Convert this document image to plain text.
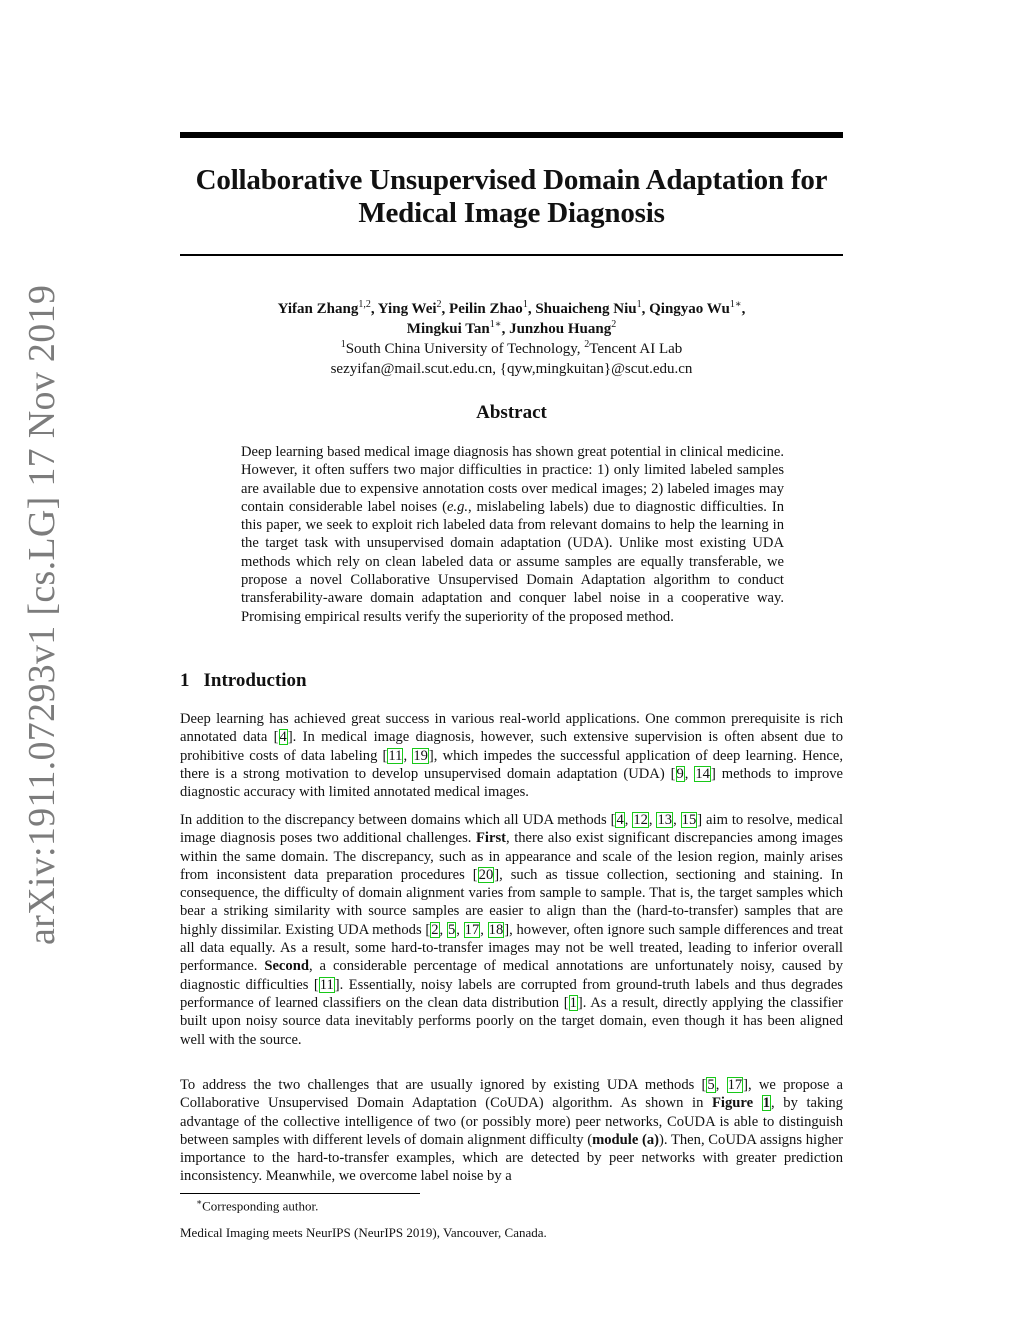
arXiv:1911.07293v1 [cs.LG] 17 Nov 2019
Collaborative Unsupervised Domain Adaptation for
Medical Image Diagnosis
Yifan Zhang$^{1,2}$, Ying Wei$^2$, Peilin Zhao$^1$, Shuaicheng Niu$^1$, Qingyao $Wu^{1∗}$,
Mingkui Tan$^{1∗}$, Junzhou Huang$^2$
$^1$South China University of Technology, $^2$Tencent AI Lab
sezyifan@mail.scut.edu.cn, {qyw,mingkuitan}@scut.edu.cn
Abstract
Deep learning based medical image diagnosis has shown great potential in clinical medicine. However, it often suffers two major difficulties in practice: 1) only limited labeled samples are available due to expensive annotation costs over medical images; 2) labeled images may contain considerable label noises (e.g., mislabeling labels) due to diagnostic difficulties. In this paper, we seek to exploit rich labeled data from relevant domains to help the learning in the target task with unsupervised domain adaptation (UDA). Unlike most existing UDA methods which rely on clean labeled data or assume samples are equally transferable, we propose a novel Collaborative Unsupervised Domain Adaptation algorithm to conduct transferability-aware domain adaptation and conquer label noise in a cooperative way. Promising empirical results verify the superiority of the proposed method.
1 Introduction
Deep learning has achieved great success in various real-world applications. One common prerequisite is rich annotated data [4]. In medical image diagnosis, however, such extensive supervision is often absent due to prohibitive costs of data labeling [11, 19], which impedes the successful application of deep learning. Hence, there is a strong motivation to develop unsupervised domain adaptation (UDA) [9, 14] methods to improve diagnostic accuracy with limited annotated medical images.
In addition to the discrepancy between domains which all UDA methods [4, 12, 13, 15] aim to resolve, medical image diagnosis poses two additional challenges. First, there also exist significant discrepancies among images within the same domain. The discrepancy, such as in appearance and scale of the lesion region, mainly arises from inconsistent data preparation procedures [20], such as tissue collection, sectioning and staining. In consequence, the difficulty of domain alignment varies from sample to sample. That is, the target samples which bear a striking similarity with source samples are easier to align than the (hard-to-transfer) samples that are highly dissimilar. Existing UDA methods [2, 5, 17, 18], however, often ignore such sample differences and treat all data equally. As a result, some hard-to-transfer images may not be well treated, leading to inferior overall performance. Second, a considerable percentage of medical annotations are unfortunately noisy, caused by diagnostic difficulties [11]. Essentially, noisy labels are corrupted from ground-truth labels and thus degrades performance of learned classifiers on the clean data distribution [1]. As a result, directly applying the classifier built upon noisy source data inevitably performs poorly on the target domain, even though it has been aligned well with the source.
To address the two challenges that are usually ignored by existing UDA methods [5, 17], we propose a Collaborative Unsupervised Domain Adaptation (CoUDA) algorithm. As shown in Figure 1, by taking advantage of the collective intelligence of two (or possibly more) peer networks, CoUDA is able to distinguish between samples with different levels of domain alignment difficulty (module (a)). Then, CoUDA assigns higher importance to the hard-to-transfer examples, which are detected by peer networks with greater prediction inconsistency. Meanwhile, we overcome label noise by a
∗Corresponding author.
Medical Imaging meets NeurIPS (NeurIPS 2019), Vancouver, Canada.
